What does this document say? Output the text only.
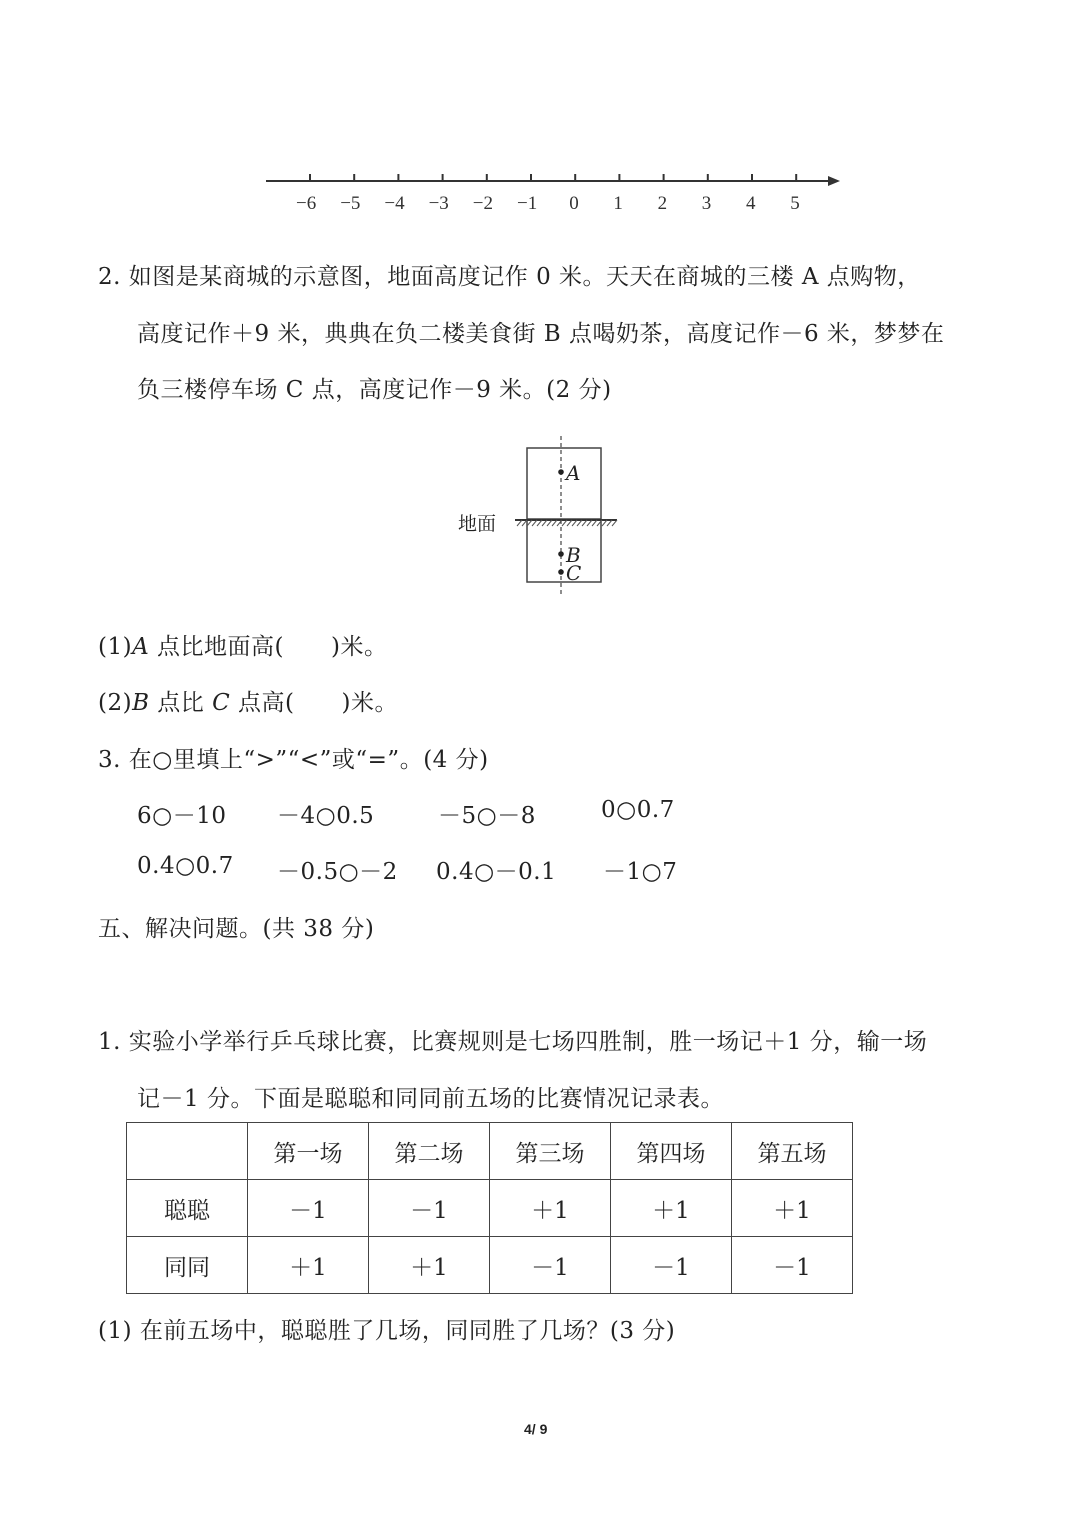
−6 −5 −4 −3 −2 −1 0 1 2 3 4 5
2. 如图是某商城的示意图，地面高度记作 0 米。天天在商城的三楼 A 点购物，
高度记作＋9 米，典典在负二楼美食街 B 点喝奶茶，高度记作－6 米，梦梦在
负三楼停车场 C 点，高度记作－9 米。(2 分)
A
B
C
地面
(1)A 点比地面高(　　)米。
(2)B 点比 C 点高(　　)米。
3. 在○里填上“>”“<”或“=”。(4 分)
6○－10 －4○0.5	－5○－8	0○0.7
0.4○0.7 －0.5○－2 0.4○－0.1 －1○7
五、解决问题。(共 38 分)
1. 实验小学举行乒乓球比赛，比赛规则是七场四胜制，胜一场记＋1 分，输一场
记－1 分。下面是聪聪和同同前五场的比赛情况记录表。
	第一场	第二场	第三场	第四场	第五场
聪聪	－1	－1	＋1	＋1	＋1
同同	＋1	＋1	－1	－1	－1
(1) 在前五场中，聪聪胜了几场，同同胜了几场？(3 分)
4/ 9
